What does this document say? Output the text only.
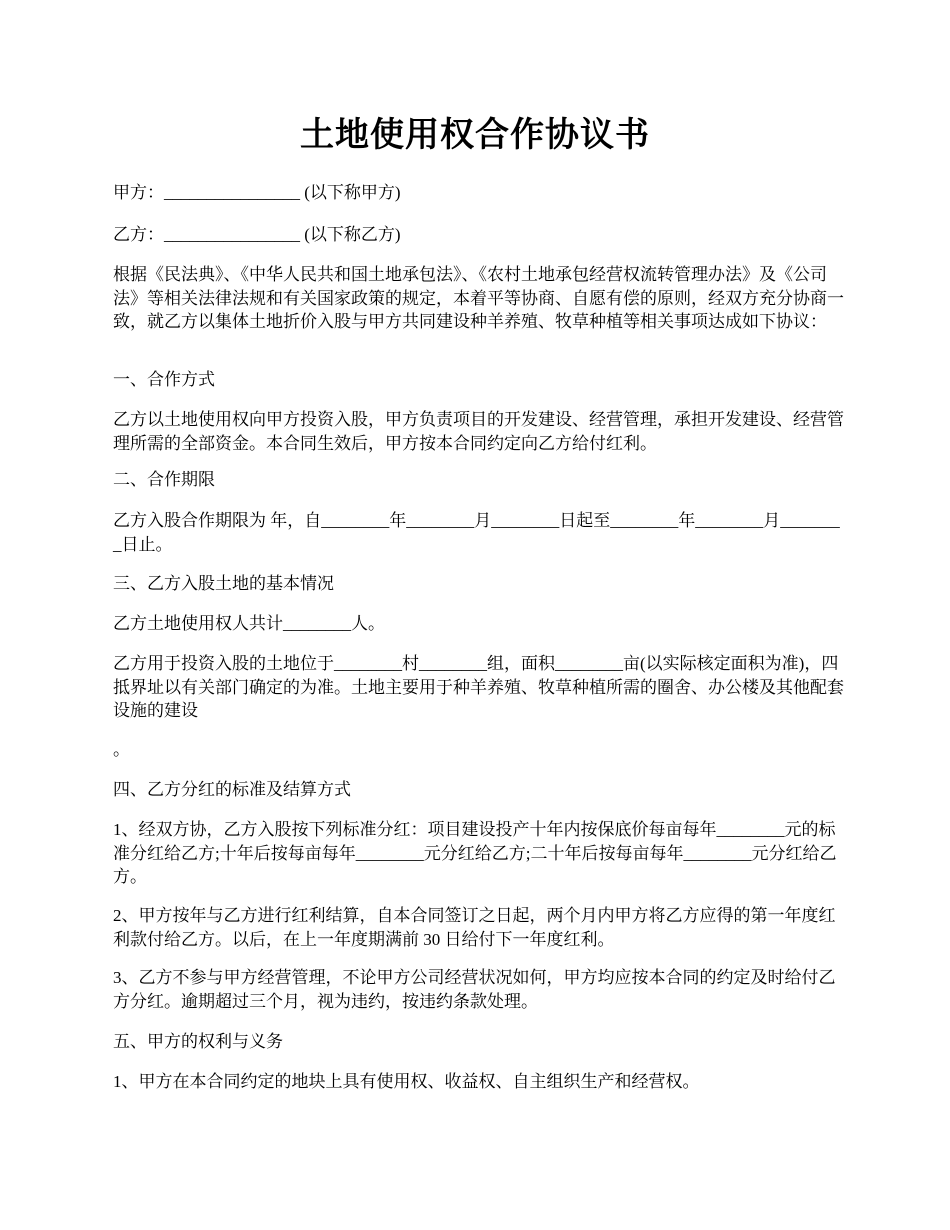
土地使用权合作协议书

甲方：________________ (以下称甲方)

乙方：________________ (以下称乙方)

根据《民法典》、《中华人民共和国土地承包法》、《农村土地承包经营权流转管理办法》及《公司法》等相关法律法规和有关国家政策的规定，本着平等协商、自愿有偿的原则，经双方充分协商一致，就乙方以集体土地折价入股与甲方共同建设种羊养殖、牧草种植等相关事项达成如下协议：

一、合作方式

乙方以土地使用权向甲方投资入股，甲方负责项目的开发建设、经营管理，承担开发建设、经营管理所需的全部资金。本合同生效后，甲方按本合同约定向乙方给付红利。

二、合作期限

乙方入股合作期限为 年，自________年________月________日起至________年________月________日止。

三、乙方入股土地的基本情况

乙方土地使用权人共计________人。

乙方用于投资入股的土地位于________村________组，面积________亩(以实际核定面积为准)，四抵界址以有关部门确定的为准。土地主要用于种羊养殖、牧草种植所需的圈舍、办公楼及其他配套设施的建设

。

四、乙方分红的标准及结算方式

1、经双方协，乙方入股按下列标准分红：项目建设投产十年内按保底价每亩每年________元的标准分红给乙方;十年后按每亩每年________元分红给乙方;二十年后按每亩每年________元分红给乙方。

2、甲方按年与乙方进行红利结算，自本合同签订之日起，两个月内甲方将乙方应得的第一年度红利款付给乙方。以后，在上一年度期满前 30 日给付下一年度红利。

3、乙方不参与甲方经营管理，不论甲方公司经营状况如何，甲方均应按本合同的约定及时给付乙方分红。逾期超过三个月，视为违约，按违约条款处理。

五、甲方的权利与义务

1、甲方在本合同约定的地块上具有使用权、收益权、自主组织生产和经营权。
